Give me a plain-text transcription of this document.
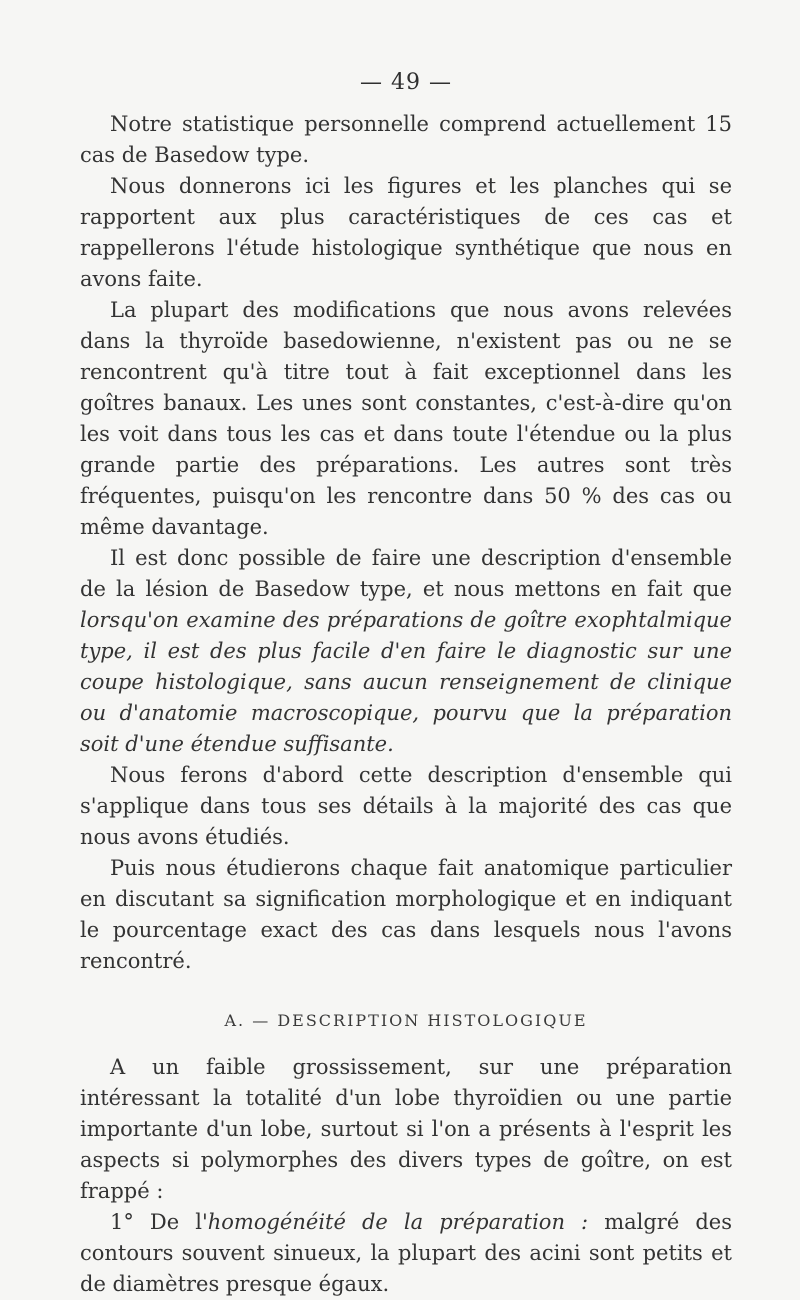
— 49 —

Notre statistique personnelle comprend actuellement 15 cas de Basedow type.

Nous donnerons ici les figures et les planches qui se rapportent aux plus caractéristiques de ces cas et rappellerons l'étude histologique synthétique que nous en avons faite.

La plupart des modifications que nous avons relevées dans la thyroïde basedowienne, n'existent pas ou ne se rencontrent qu'à titre tout à fait exceptionnel dans les goîtres banaux. Les unes sont constantes, c'est-à-dire qu'on les voit dans tous les cas et dans toute l'étendue ou la plus grande partie des préparations. Les autres sont très fréquentes, puisqu'on les rencontre dans 50 % des cas ou même davantage.

Il est donc possible de faire une description d'ensemble de la lésion de Basedow type, et nous mettons en fait que lorsqu'on examine des préparations de goître exophtalmique type, il est des plus facile d'en faire le diagnostic sur une coupe histologique, sans aucun renseignement de clinique ou d'anatomie macroscopique, pourvu que la préparation soit d'une étendue suffisante.

Nous ferons d'abord cette description d'ensemble qui s'applique dans tous ses détails à la majorité des cas que nous avons étudiés.

Puis nous étudierons chaque fait anatomique particulier en discutant sa signification morphologique et en indiquant le pourcentage exact des cas dans lesquels nous l'avons rencontré.

A. — DESCRIPTION HISTOLOGIQUE

A un faible grossissement, sur une préparation intéressant la totalité d'un lobe thyroïdien ou une partie importante d'un lobe, surtout si l'on a présents à l'esprit les aspects si polymorphes des divers types de goître, on est frappé :

1° De l'homogénéité de la préparation : malgré des contours souvent sinueux, la plupart des acini sont petits et de diamètres presque égaux.
